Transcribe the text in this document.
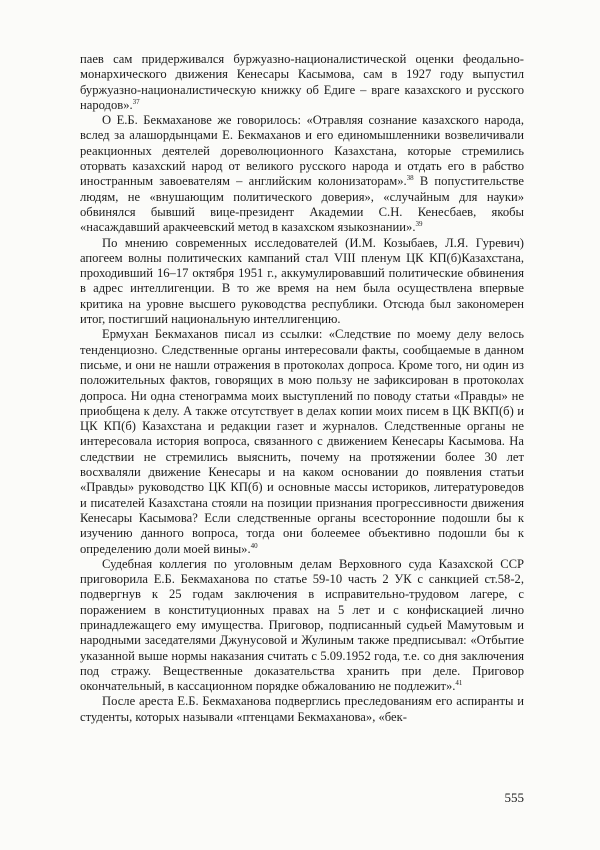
паев сам придерживался буржуазно-националистической оценки феодально-монархического движения Кенесары Касымова, сам в 1927 году выпустил буржуазно-националистическую книжку об Едиге – враге казахского и русского народов».$^{37}$

О Е.Б. Бекмаханове же говорилось: «Отравляя сознание казахского народа, вслед за алашордынцами Е. Бекмаханов и его единомышленники возвеличивали реакционных деятелей дореволюционного Казахстана, которые стремились оторвать казахский народ от великого русского народа и отдать его в рабство иностранным завоевателям – английским колонизаторам».$^{38}$ В попустительстве людям, не «внушающим политического доверия», «случайным для науки» обвинялся бывший вице-президент Академии С.Н. Кенесбаев, якобы «насаждавший аракчеевский метод в казахском языкознании».$^{39}$

По мнению современных исследователей (И.М. Козыбаев, Л.Я. Гуревич) апогеем волны политических кампаний стал VIII пленум ЦК КП(б)Казахстана, проходивший 16–17 октября 1951 г., аккумулировавший политические обвинения в адрес интеллигенции. В то же время на нем была осуществлена впервые критика на уровне высшего руководства республики. Отсюда был закономерен итог, постигший национальную интеллигенцию.

Ермухан Бекмаханов писал из ссылки: «Следствие по моему делу велось тенденциозно. Следственные органы интересовали факты, сообщаемые в данном письме, и они не нашли отражения в протоколах допроса. Кроме того, ни один из положительных фактов, говорящих в мою пользу не зафиксирован в протоколах допроса. Ни одна стенограмма моих выступлений по поводу статьи «Правды» не приобщена к делу. А также отсутствует в делах копии моих писем в ЦК ВКП(б) и ЦК КП(б) Казахстана и редакции газет и журналов. Следственные органы не интересовала история вопроса, связанного с движением Кенесары Касымова. На следствии не стремились выяснить, почему на протяжении более 30 лет восхваляли движение Кенесары и на каком основании до появления статьи «Правды» руководство ЦК КП(б) и основные массы историков, литературоведов и писателей Казахстана стояли на позиции признания прогрессивности движения Кенесары Касымова? Если следственные органы всесторонние подошли бы к изучению данного вопроса, тогда они болеемее объективно подошли бы к определению доли моей вины».$^{40}$

Судебная коллегия по уголовным делам Верховного суда Казахской ССР приговорила Е.Б. Бекмаханова по статье 59-10 часть 2 УК с санкцией ст.58-2, подвергнув к 25 годам заключения в исправительно-трудовом лагере, с поражением в конституционных правах на 5 лет и с конфискацией лично принадлежащего ему имущества. Приговор, подписанный судьей Мамутовым и народными заседателями Джунусовой и Жулиным также предписывал: «Отбытие указанной выше нормы наказания считать с 5.09.1952 года, т.е. со дня заключения под стражу. Вещественные доказательства хранить при деле. Приговор окончательный, в кассационном порядке обжалованию не подлежит».$^{41}$

После ареста Е.Б. Бекмаханова подверглись преследованиям его аспиранты и студенты, которых называли «птенцами Бекмаханова», «бек-

555
